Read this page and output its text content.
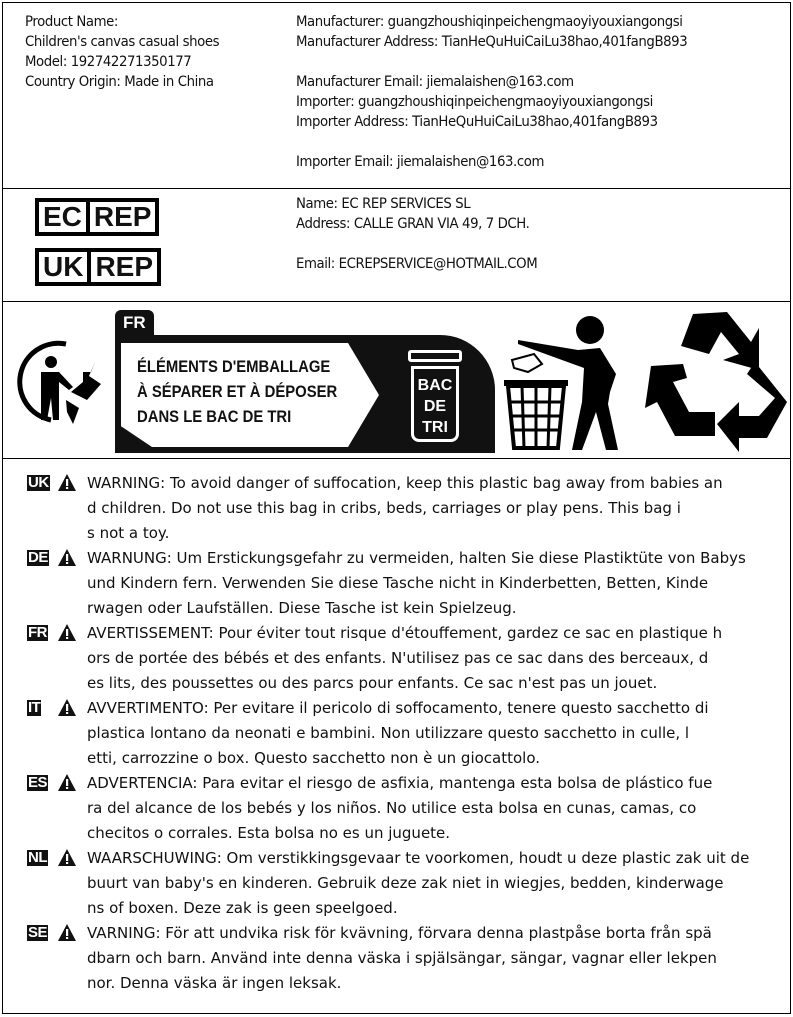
Product Name:
Children's canvas casual shoes
Model: 192742271350177
Country Origin: Made in China
Manufacturer: guangzhoushiqinpeichengmaoyiyouxiangongsi
Manufacturer Address: TianHeQuHuiCaiLu38hao,401fangB893
Manufacturer Email: jiemalaishen@163.com
Importer: guangzhoushiqinpeichengmaoyiyouxiangongsi
Importer Address: TianHeQuHuiCaiLu38hao,401fangB893
Importer Email: jiemalaishen@163.com
EC REP
UK REP
Name: EC REP SERVICES SL
Address: CALLE GRAN VIA 49, 7 DCH.
Email: ECREPSERVICE@HOTMAIL.COM
FR
ÉLÉMENTS D'EMBALLAGE
À SÉPARER ET À DÉPOSER
DANS LE BAC DE TRI
BAC
DE
TRI
UK	WARNING: To avoid danger of suffocation, keep this plastic bag away from babies an
d children. Do not use this bag in cribs, beds, carriages or play pens. This bag i
s not a toy.
DE	WARNUNG: Um Erstickungsgefahr zu vermeiden, halten Sie diese Plastiktüte von Babys
und Kindern fern. Verwenden Sie diese Tasche nicht in Kinderbetten, Betten, Kinde
rwagen oder Laufställen. Diese Tasche ist kein Spielzeug.
FR	AVERTISSEMENT: Pour éviter tout risque d'étouffement, gardez ce sac en plastique h
ors de portée des bébés et des enfants. N'utilisez pas ce sac dans des berceaux, d
es lits, des poussettes ou des parcs pour enfants. Ce sac n'est pas un jouet.
IT	AVVERTIMENTO: Per evitare il pericolo di soffocamento, tenere questo sacchetto di
plastica lontano da neonati e bambini. Non utilizzare questo sacchetto in culle, l
etti, carrozzine o box. Questo sacchetto non è un giocattolo.
ES	ADVERTENCIA: Para evitar el riesgo de asfixia, mantenga esta bolsa de plástico fue
ra del alcance de los bebés y los niños. No utilice esta bolsa en cunas, camas, co
checitos o corrales. Esta bolsa no es un juguete.
NL	WAARSCHUWING: Om verstikkingsgevaar te voorkomen, houdt u deze plastic zak uit de
buurt van baby's en kinderen. Gebruik deze zak niet in wiegjes, bedden, kinderwage
ns of boxen. Deze zak is geen speelgoed.
SE	VARNING: För att undvika risk för kvävning, förvara denna plastpåse borta från spä
dbarn och barn. Använd inte denna väska i spjälsängar, sängar, vagnar eller lekpen
nor. Denna väska är ingen leksak.
